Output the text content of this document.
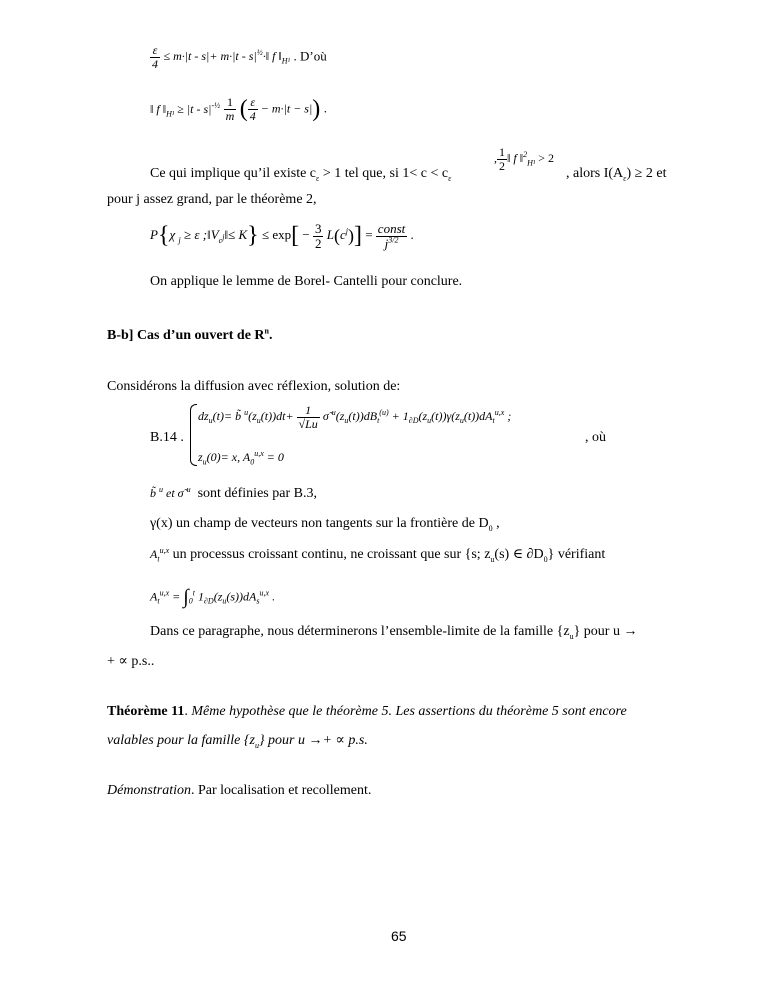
$\frac{\varepsilon}{4} \le m\cdot|t - s|+ m\cdot|t$ - $s|^{\frac{1}{2}}\cdot‖$ f $‖_{H^1}$ . D’où
‖ f $‖_{H^1} \ge |t - s|^{-\frac{1}{2}} \frac{1}{m}$ ( $\frac{\varepsilon}{4} - m\cdot|t - s|$) .
, $\frac{1}{2}$ ‖ f ‖$^2_{H^1}$ > 2
Ce qui implique qu’il existe $c_\varepsilon > 1$ tel que, si $1< c < c_\varepsilon$	, alors $I(A_\varepsilon) \ge 2$ et
pour j assez grand, par le théorème 2,
P{χ $_j$ ≥ ε $;‖V_{c^j}‖\le K\} \le \exp[ - \frac{3}{2} L(c^j)] = \frac{\text{const}}{j^{3/2}}$ .
On applique le lemme de Borel- Cantelli pour conclure.
B-b] Cas d’un ouvert de $R^n$.
Considérons la diffusion avec réflexion, solution de:
B.14 .
$dz_u(t)=$ b̃ $^u(z_u(t))dt+ \frac{1}{√Lu}$ σ̃ $^u(z_u(t))dB_t^{(u)} + 1_{\partial D}(z_u(t))\gamma(z_u(t))dA_t^{u,x}$ ;
$z_u(0)= x$, $A_0^{u,x} = 0$
, où
b̃ $^u$ et σ̃ $^u$ sont définies par B.3,
γ(x) un champ de vecteurs non tangents sur la frontière de $D_0$ ,
$A_t^{u,x}$ un processus croissant continu, ne croissant que sur {s; $z_u(s)$ ∈ $\partial D_0$} vérifiant
$A_t^{u,x} = \int_0^t$ $1_{\partial D}(z_u(s))dA_s^{u,x}$ .
Dans ce paragraphe, nous déterminerons l’ensemble-limite de la famille $\{z_u\}$ pour u →
+ ∝ p.s..
Théorème 11. Même hypothèse que le théorème 5. Les assertions du théorème 5 sont encore
valables pour la famille $\{z_u\}$ pour u →+ ∝ p.s.
Démonstration. Par localisation et recollement.
65
